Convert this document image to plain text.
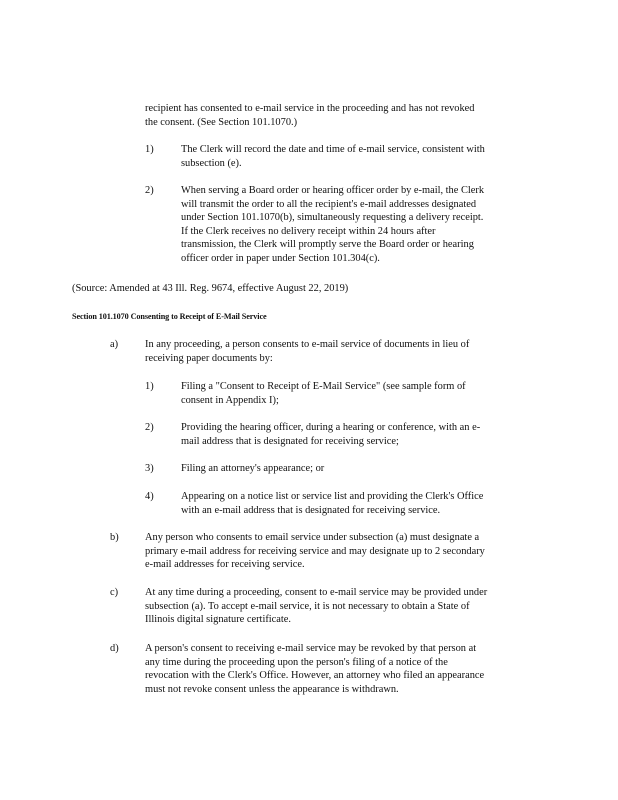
recipient has consented to e-mail service in the proceeding and has not revoked
the consent. (See Section 101.1070.)
1)	The Clerk will record the date and time of e-mail service, consistent with
subsection (e).
2)	When serving a Board order or hearing officer order by e-mail, the Clerk
will transmit the order to all the recipient's e-mail addresses designated
under Section 101.1070(b), simultaneously requesting a delivery receipt.
If the Clerk receives no delivery receipt within 24 hours after
transmission, the Clerk will promptly serve the Board order or hearing
officer order in paper under Section 101.304(c).
(Source: Amended at 43 Ill. Reg. 9674, effective August 22, 2019)
Section 101.1070 Consenting to Receipt of E-Mail Service
a)	In any proceeding, a person consents to e-mail service of documents in lieu of
receiving paper documents by:
1)	Filing a "Consent to Receipt of E-Mail Service" (see sample form of
consent in Appendix I);
2)	Providing the hearing officer, during a hearing or conference, with an e-
mail address that is designated for receiving service;
3)	Filing an attorney's appearance; or
4)	Appearing on a notice list or service list and providing the Clerk's Office
with an e-mail address that is designated for receiving service.
b)	Any person who consents to email service under subsection (a) must designate a
primary e-mail address for receiving service and may designate up to 2 secondary
e-mail addresses for receiving service.
c)	At any time during a proceeding, consent to e-mail service may be provided under
subsection (a). To accept e-mail service, it is not necessary to obtain a State of
Illinois digital signature certificate.
d)	A person's consent to receiving e-mail service may be revoked by that person at
any time during the proceeding upon the person's filing of a notice of the
revocation with the Clerk's Office. However, an attorney who filed an appearance
must not revoke consent unless the appearance is withdrawn.
